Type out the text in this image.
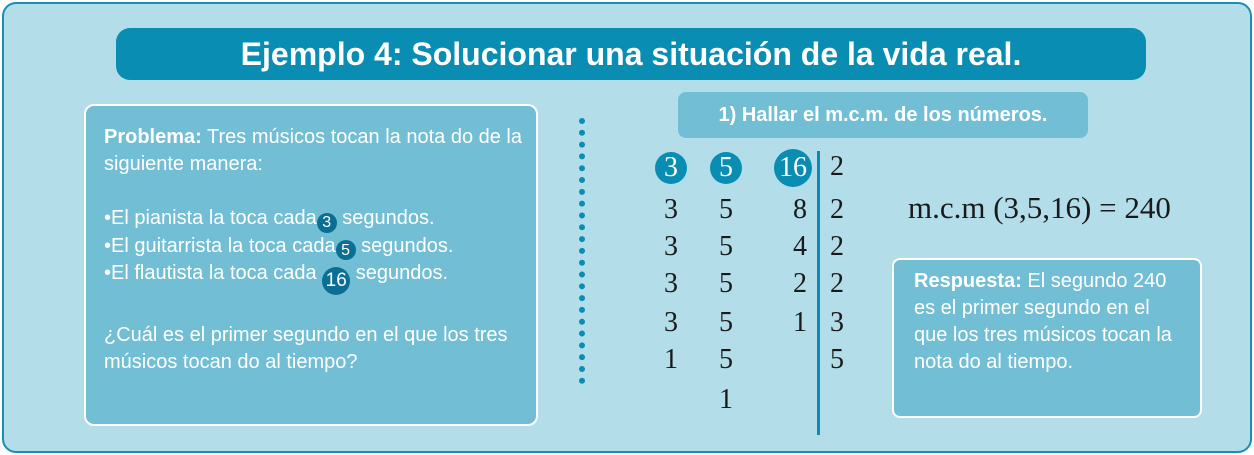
Ejemplo 4: Solucionar una situación de la vida real.

Problema: Tres músicos tocan la nota do de la siguiente manera:

•El pianista la toca cada 3 segundos.

•El guitarrista la toca cada 5 segundos.

•El flautista la toca cada 16 segundos.

¿Cuál es el primer segundo en el que los tres músicos tocan do al tiempo?

1) Hallar el m.c.m. de los números.
3	5	16
3
3
3
3
1
5
5
5
5
5
1
8
4
2
1
2
2
2
2
3
5
m.c.m (3,5,16) = 240

Respuesta: El segundo 240 es el primer segundo en el que los tres músicos tocan la nota do al tiempo.
